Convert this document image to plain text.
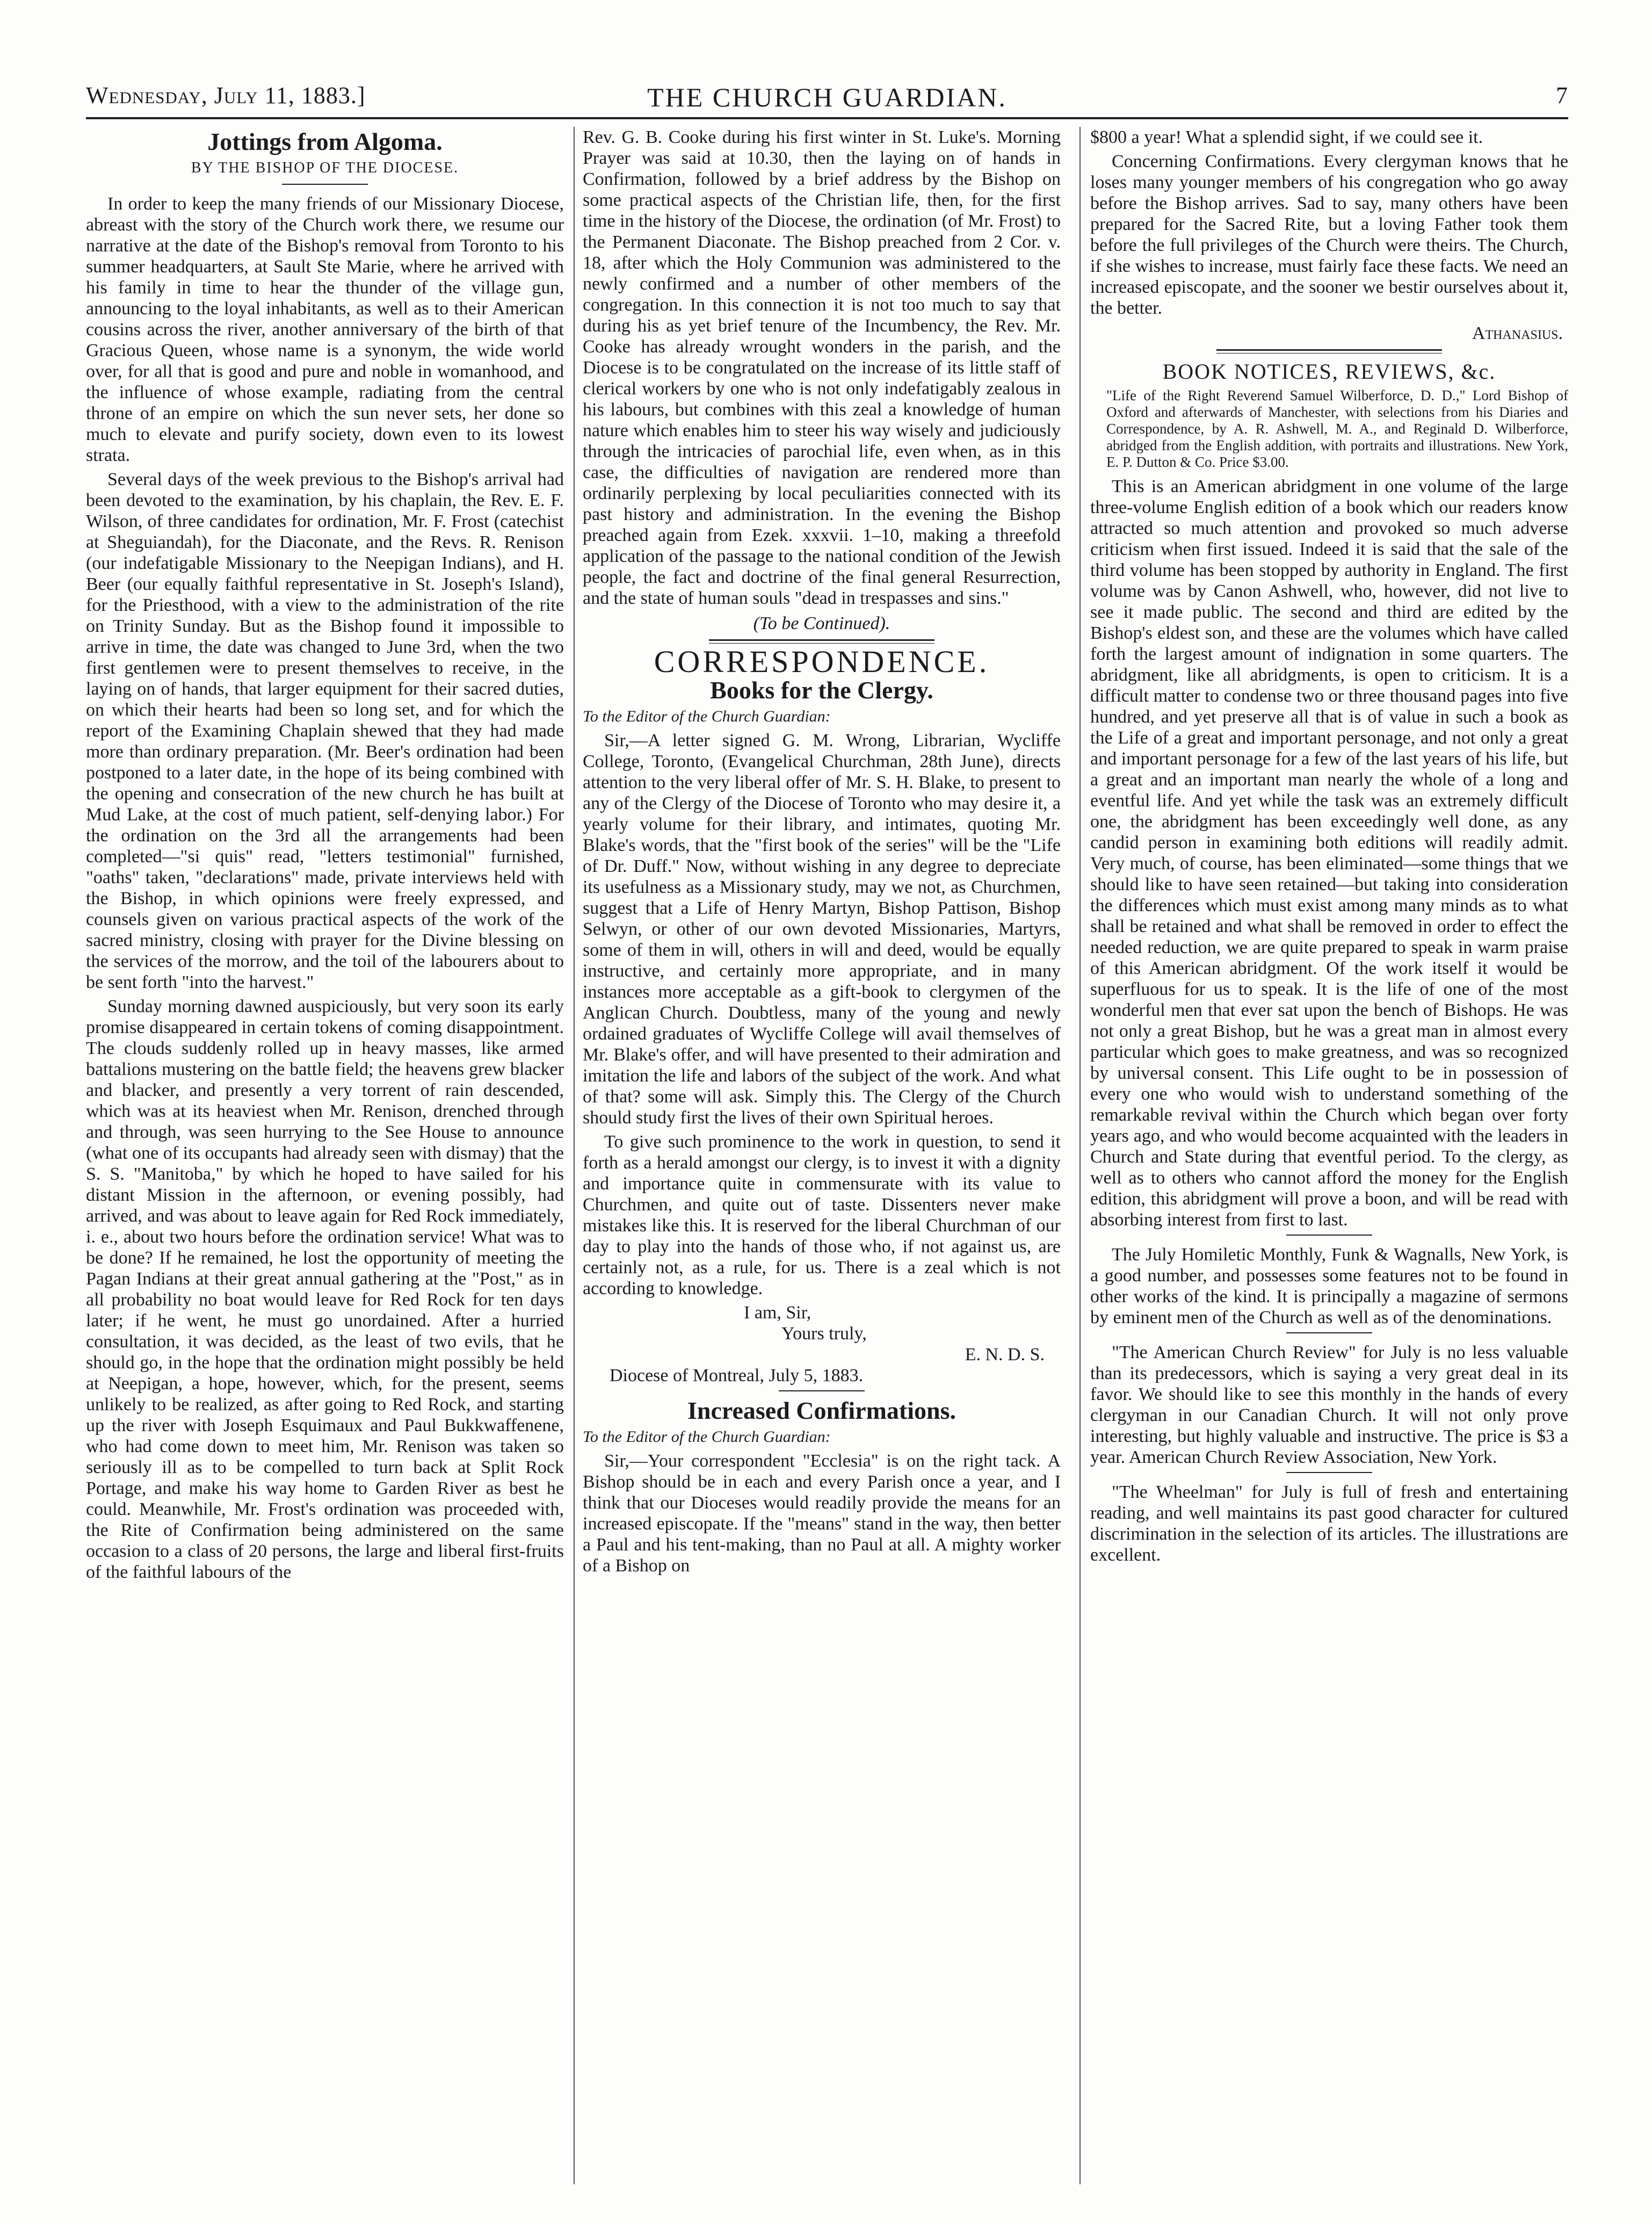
Wednesday, July 11, 1883.]	THE CHURCH GUARDIAN.	7
Jottings from Algoma.
BY THE BISHOP OF THE DIOCESE.

In order to keep the many friends of our Missionary Diocese, abreast with the story of the Church work there, we resume our narrative at the date of the Bishop's removal from Toronto to his summer headquarters, at Sault Ste Marie, where he arrived with his family in time to hear the thunder of the village gun, announcing to the loyal inhabitants, as well as to their American cousins across the river, another anniversary of the birth of that Gracious Queen, whose name is a synonym, the wide world over, for all that is good and pure and noble in womanhood, and the influence of whose example, radiating from the central throne of an empire on which the sun never sets, her done so much to elevate and purify society, down even to its lowest strata.

Several days of the week previous to the Bishop's arrival had been devoted to the examination, by his chaplain, the Rev. E. F. Wilson, of three candidates for ordination, Mr. F. Frost (catechist at Sheguiandah), for the Diaconate, and the Revs. R. Renison (our indefatigable Missionary to the Neepigan Indians), and H. Beer (our equally faithful representative in St. Joseph's Island), for the Priesthood, with a view to the administration of the rite on Trinity Sunday. But as the Bishop found it impossible to arrive in time, the date was changed to June 3rd, when the two first gentlemen were to present themselves to receive, in the laying on of hands, that larger equipment for their sacred duties, on which their hearts had been so long set, and for which the report of the Examining Chaplain shewed that they had made more than ordinary preparation. (Mr. Beer's ordination had been postponed to a later date, in the hope of its being combined with the opening and consecration of the new church he has built at Mud Lake, at the cost of much patient, self-denying labor.) For the ordination on the 3rd all the arrangements had been completed—"si quis" read, "letters testimonial" furnished, "oaths" taken, "declarations" made, private interviews held with the Bishop, in which opinions were freely expressed, and counsels given on various practical aspects of the work of the sacred ministry, closing with prayer for the Divine blessing on the services of the morrow, and the toil of the labourers about to be sent forth "into the harvest."

Sunday morning dawned auspiciously, but very soon its early promise disappeared in certain tokens of coming disappointment. The clouds suddenly rolled up in heavy masses, like armed battalions mustering on the battle field; the heavens grew blacker and blacker, and presently a very torrent of rain descended, which was at its heaviest when Mr. Renison, drenched through and through, was seen hurrying to the See House to announce (what one of its occupants had already seen with dismay) that the S. S. "Manitoba," by which he hoped to have sailed for his distant Mission in the afternoon, or evening possibly, had arrived, and was about to leave again for Red Rock immediately, i. e., about two hours before the ordination service! What was to be done? If he remained, he lost the opportunity of meeting the Pagan Indians at their great annual gathering at the "Post," as in all probability no boat would leave for Red Rock for ten days later; if he went, he must go unordained. After a hurried consultation, it was decided, as the least of two evils, that he should go, in the hope that the ordination might possibly be held at Neepigan, a hope, however, which, for the present, seems unlikely to be realized, as after going to Red Rock, and starting up the river with Joseph Esquimaux and Paul Bukkwaffenene, who had come down to meet him, Mr. Renison was taken so seriously ill as to be compelled to turn back at Split Rock Portage, and make his way home to Garden River as best he could. Meanwhile, Mr. Frost's ordination was proceeded with, the Rite of Confirmation being administered on the same occasion to a class of 20 persons, the large and liberal first-fruits of the faithful labours of the

Rev. G. B. Cooke during his first winter in St. Luke's. Morning Prayer was said at 10.30, then the laying on of hands in Confirmation, followed by a brief address by the Bishop on some practical aspects of the Christian life, then, for the first time in the history of the Diocese, the ordination (of Mr. Frost) to the Permanent Diaconate. The Bishop preached from 2 Cor. v. 18, after which the Holy Communion was administered to the newly confirmed and a number of other members of the congregation. In this connection it is not too much to say that during his as yet brief tenure of the Incumbency, the Rev. Mr. Cooke has already wrought wonders in the parish, and the Diocese is to be congratulated on the increase of its little staff of clerical workers by one who is not only indefatigably zealous in his labours, but combines with this zeal a knowledge of human nature which enables him to steer his way wisely and judiciously through the intricacies of parochial life, even when, as in this case, the difficulties of navigation are rendered more than ordinarily perplexing by local peculiarities connected with its past history and administration. In the evening the Bishop preached again from Ezek. xxxvii. 1–10, making a threefold application of the passage to the national condition of the Jewish people, the fact and doctrine of the final general Resurrection, and the state of human souls "dead in trespasses and sins."

(To be Continued).

CORRESPONDENCE.
Books for the Clergy.

To the Editor of the Church Guardian:

Sir,—A letter signed G. M. Wrong, Librarian, Wycliffe College, Toronto, (Evangelical Churchman, 28th June), directs attention to the very liberal offer of Mr. S. H. Blake, to present to any of the Clergy of the Diocese of Toronto who may desire it, a yearly volume for their library, and intimates, quoting Mr. Blake's words, that the "first book of the series" will be the "Life of Dr. Duff." Now, without wishing in any degree to depreciate its usefulness as a Missionary study, may we not, as Churchmen, suggest that a Life of Henry Martyn, Bishop Pattison, Bishop Selwyn, or other of our own devoted Missionaries, Martyrs, some of them in will, others in will and deed, would be equally instructive, and certainly more appropriate, and in many instances more acceptable as a gift-book to clergymen of the Anglican Church. Doubtless, many of the young and newly ordained graduates of Wycliffe College will avail themselves of Mr. Blake's offer, and will have presented to their admiration and imitation the life and labors of the subject of the work. And what of that? some will ask. Simply this. The Clergy of the Church should study first the lives of their own Spiritual heroes.

To give such prominence to the work in question, to send it forth as a herald amongst our clergy, is to invest it with a dignity and importance quite in commensurate with its value to Churchmen, and quite out of taste. Dissenters never make mistakes like this. It is reserved for the liberal Churchman of our day to play into the hands of those who, if not against us, are certainly not, as a rule, for us. There is a zeal which is not according to knowledge.

I am, Sir,
Yours truly,
E. N. D. S.
Diocese of Montreal, July 5, 1883.

Increased Confirmations.

To the Editor of the Church Guardian:

Sir,—Your correspondent "Ecclesia" is on the right tack. A Bishop should be in each and every Parish once a year, and I think that our Dioceses would readily provide the means for an increased episcopate. If the "means" stand in the way, then better a Paul and his tent-making, than no Paul at all. A mighty worker of a Bishop on

$800 a year! What a splendid sight, if we could see it.

Concerning Confirmations. Every clergyman knows that he loses many younger members of his congregation who go away before the Bishop arrives. Sad to say, many others have been prepared for the Sacred Rite, but a loving Father took them before the full privileges of the Church were theirs. The Church, if she wishes to increase, must fairly face these facts. We need an increased episcopate, and the sooner we bestir ourselves about it, the better.

Athanasius.

BOOK NOTICES, REVIEWS, &c.

"Life of the Right Reverend Samuel Wilberforce, D. D.," Lord Bishop of Oxford and afterwards of Manchester, with selections from his Diaries and Correspondence, by A. R. Ashwell, M. A., and Reginald D. Wilberforce, abridged from the English addition, with portraits and illustrations. New York, E. P. Dutton & Co. Price $3.00.

This is an American abridgment in one volume of the large three-volume English edition of a book which our readers know attracted so much attention and provoked so much adverse criticism when first issued. Indeed it is said that the sale of the third volume has been stopped by authority in England. The first volume was by Canon Ashwell, who, however, did not live to see it made public. The second and third are edited by the Bishop's eldest son, and these are the volumes which have called forth the largest amount of indignation in some quarters. The abridgment, like all abridgments, is open to criticism. It is a difficult matter to condense two or three thousand pages into five hundred, and yet preserve all that is of value in such a book as the Life of a great and important personage, and not only a great and important personage for a few of the last years of his life, but a great and an important man nearly the whole of a long and eventful life. And yet while the task was an extremely difficult one, the abridgment has been exceedingly well done, as any candid person in examining both editions will readily admit. Very much, of course, has been eliminated—some things that we should like to have seen retained—but taking into consideration the differences which must exist among many minds as to what shall be retained and what shall be removed in order to effect the needed reduction, we are quite prepared to speak in warm praise of this American abridgment. Of the work itself it would be superfluous for us to speak. It is the life of one of the most wonderful men that ever sat upon the bench of Bishops. He was not only a great Bishop, but he was a great man in almost every particular which goes to make greatness, and was so recognized by universal consent. This Life ought to be in possession of every one who would wish to understand something of the remarkable revival within the Church which began over forty years ago, and who would become acquainted with the leaders in Church and State during that eventful period. To the clergy, as well as to others who cannot afford the money for the English edition, this abridgment will prove a boon, and will be read with absorbing interest from first to last.

The July Homiletic Monthly, Funk & Wagnalls, New York, is a good number, and possesses some features not to be found in other works of the kind. It is principally a magazine of sermons by eminent men of the Church as well as of the denominations.

"The American Church Review" for July is no less valuable than its predecessors, which is saying a very great deal in its favor. We should like to see this monthly in the hands of every clergyman in our Canadian Church. It will not only prove interesting, but highly valuable and instructive. The price is $3 a year. American Church Review Association, New York.

"The Wheelman" for July is full of fresh and entertaining reading, and well maintains its past good character for cultured discrimination in the selection of its articles. The illustrations are excellent.
